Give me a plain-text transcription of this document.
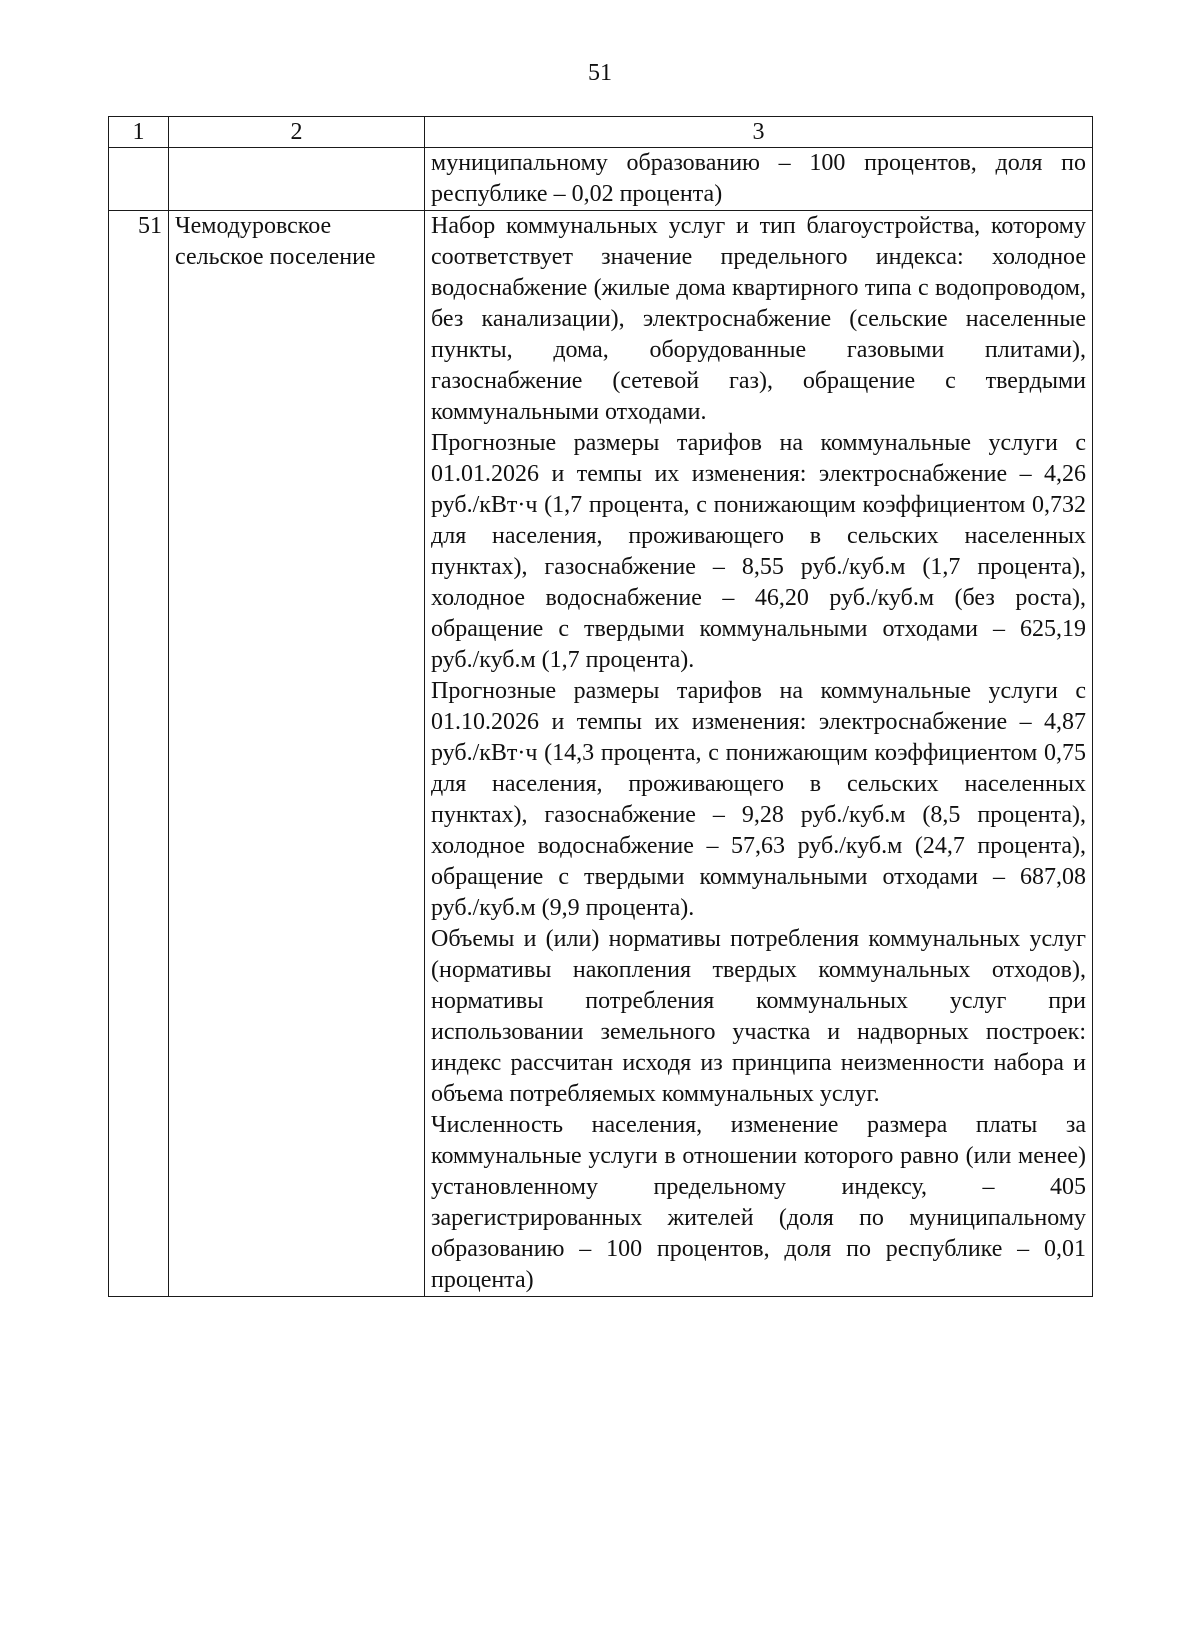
51
1	2	3

		муниципальному образованию – 100 процентов, доля по республике – 0,02 процента)

51	Чемодуровское сельское поселение	Набор коммунальных услуг и тип благоустройства, которому соответствует значение предельного индекса: холодное водоснабжение (жилые дома квартирного типа с водопроводом, без канализации), электроснабжение (сельские населенные пункты, дома, оборудованные газовыми плитами), газоснабжение (сетевой газ), обращение с твердыми коммунальными отходами.

Прогнозные размеры тарифов на коммунальные услуги с 01.01.2026 и темпы их изменения: электроснабжение – 4,26 руб./кВт·ч (1,7 процента, с понижающим коэффициентом 0,732 для населения, проживающего в сельских населенных пунктах), газоснабжение – 8,55 руб./куб.м (1,7 процента), холодное водоснабжение – 46,20 руб./куб.м (без роста), обращение с твердыми коммунальными отходами – 625,19 руб./куб.м (1,7 процента).

Прогнозные размеры тарифов на коммунальные услуги с 01.10.2026 и темпы их изменения: электроснабжение – 4,87 руб./кВт·ч (14,3 процента, с понижающим коэффициентом 0,75 для населения, проживающего в сельских населенных пунктах), газоснабжение – 9,28 руб./куб.м (8,5 процента), холодное водоснабжение – 57,63 руб./куб.м (24,7 процента), обращение с твердыми коммунальными отходами – 687,08 руб./куб.м (9,9 процента).

Объемы и (или) нормативы потребления коммунальных услуг (нормативы накопления твердых коммунальных отходов), нормативы потребления коммунальных услуг при использовании земельного участка и надворных построек: индекс рассчитан исходя из принципа неизменности набора и объема потребляемых коммунальных услуг.

Численность населения, изменение размера платы за коммунальные услуги в отношении которого равно (или менее) установленному предельному индексу, – 405 зарегистрированных жителей (доля по муниципальному образованию – 100 процентов, доля по республике – 0,01 процента)
